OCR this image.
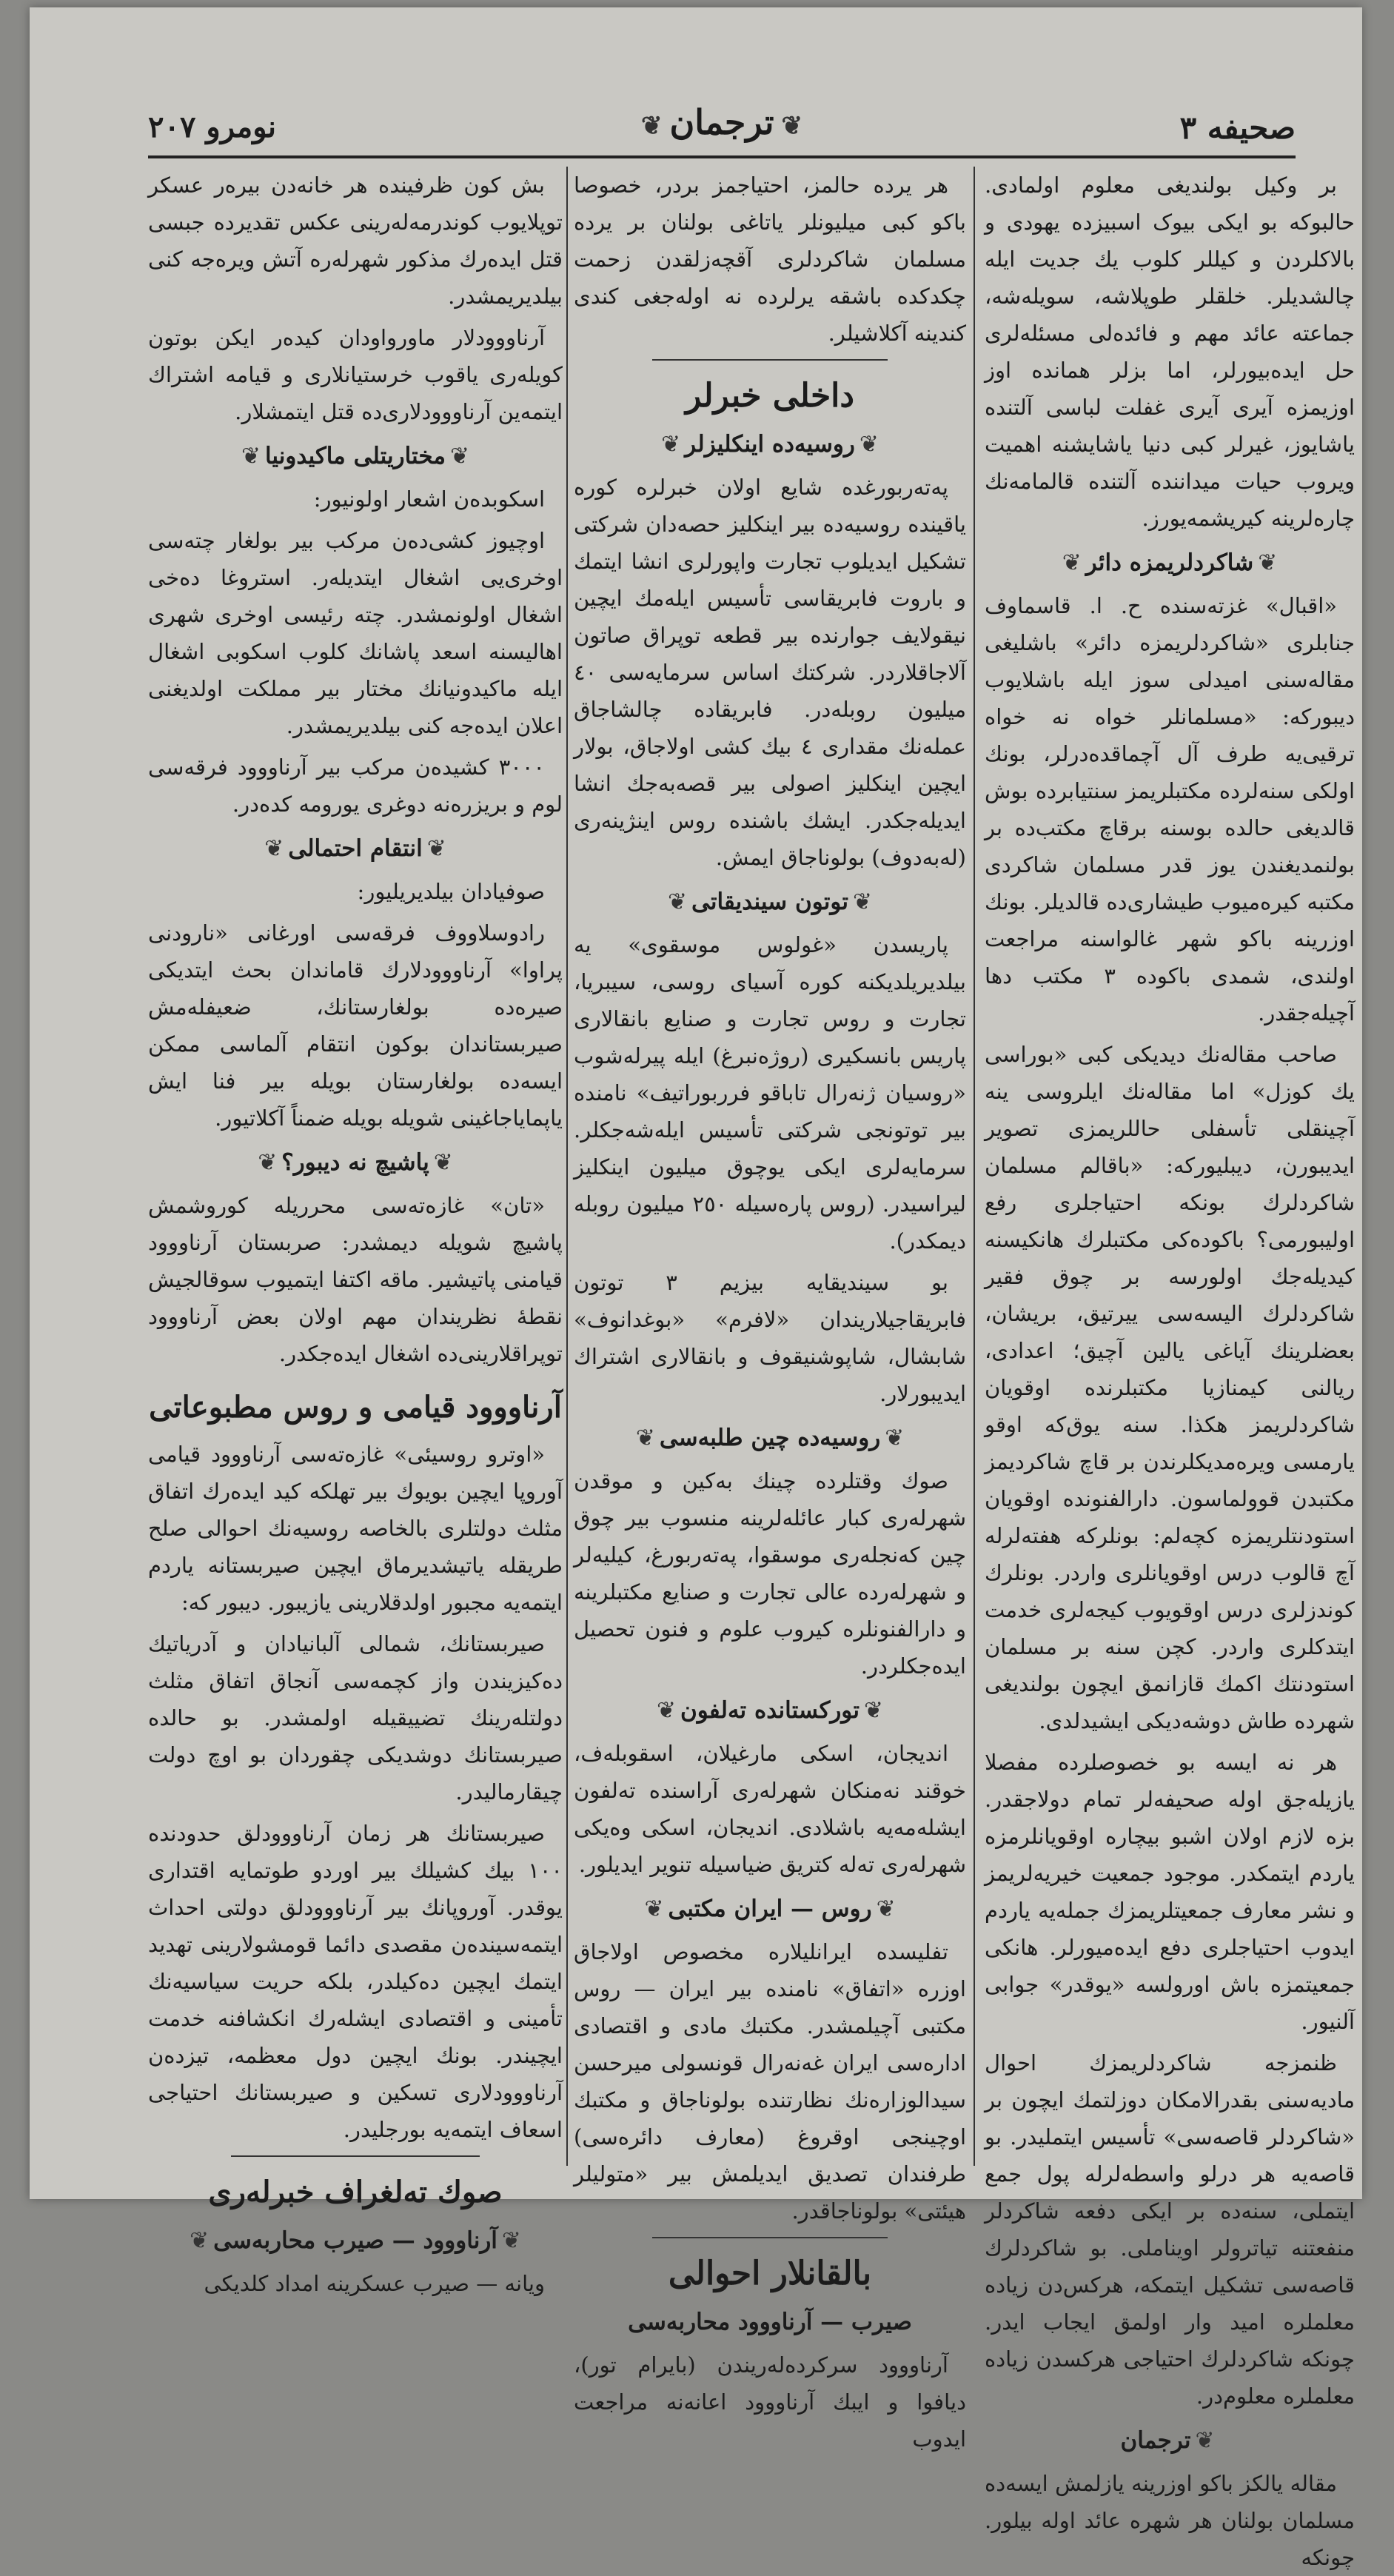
صحیفه ٣
❦ترجمان❦
نومرو ٢٠٧

بر وکیل بولندیغی معلوم اولمادی. حالبوکه بو ایکی بیوک اسبیزده یهودی و بالاکلردن و کیللر کلوب یك جدیت ایله چالشدیلر. خلقلر طوپلاشه، سویلەشه، جماعته عائد مهم و فائدەلی مسئلەلری حل ایدەبیورلر، اما بزلر همانده اوز اوزیمزه آیری آیری غفلت لباسی آلتنده یاشایوز، غیرلر کبی دنیا یاشایشنه اهمیت ویروب حیات میداننده آلتنده قالمامەنك چاره‌لرینه کیریشمەیورز.

❦شاکردلریمزه دائر❦

«اقبال» غزته‌سنده ح. ا. قاسماوف جنابلری «شاکردلریمزه دائر» باشلیغی مقالەسنی امیدلی سوز ایله باشلایوب دیبورکه: «مسلمانلر خواه نه خواه ترقیی‌یه طرف آل آچماقده‌درلر، بونك اولکی سنەلرده مکتبلریمز سنتیابرده بوش قالدیغی حالده بوسنه برقاچ مکتب‌ده بر بولنمدیغندن یوز قدر مسلمان شاکردی مکتبه کیرەمیوب طیشاری‌ده قالدیلر. بونك اوزرینه باکو شهر غالواسنه مراجعت اولندی، شمدی باکوده ٣ مکتب دها آچیله‌جقدر.

صاحب مقالەنك دیدیکی کبی «بوراسی یك کوزل» اما مقالەنك ایلروسی ینه آچینقلی تأسفلی حاللریمزی تصویر ایدیبورن، دیبلیورکه: «باقالم مسلمان شاکردلرك بونکه احتیاجلری رفع اولیبورمی؟ باکوده‌کی مکتبلرك هانکیسنه کیدیله‌جك اولورسه بر چوق فقیر شاکردلرك الیسەسی ییرتیق، بریشان، بعضلرینك آیاغی یالین آچیق؛ اعدادی، ریالنی کیمنازیا مکتبلرنده اوقویان شاکردلریمز هکذا. سنه یوق‌که اوقو یارمسی ویرەمدیکلرندن بر قاچ شاکردیمز مکتبدن قوولماسون. دارالفنونده اوقویان استودنتلریمزه کچەلم: بونلرکه هفتەلرله آچ قالوب درس اوقویانلری واردر. بونلرك کوندزلری درس اوقویوب کیجەلری خدمت ایتدکلری واردر. کچن سنه بر مسلمان استودنتك اکمك قازانمق ایچون بولندیغی شهرده طاش دوشه‌دیکی ایشیدلدی.

هر نه ایسه بو خصوصلرده مفصلا یازیله‌جق اوله صحیفەلر تمام دولاجقدر. بزه لازم اولان اشبو بیچاره اوقویانلرمزه یاردم ایتمکدر. موجود جمعیت خیریەلریمز و نشر معارف جمعیتلریمزك جملەیه یاردم ایدوب احتیاجلری دفع ایدەمیورلر. هانکی جمعیتمزه باش اورولسه «یوقدر» جوابی آلنیور.

ظنمزجه شاکردلریمزك احوال مادیەسنی بقدرالامکان دوزلتمك ایچون بر «شاکردلر قاصەسی» تأسیس ایتملیدر. بو قاصەیه هر درلو واسطەلرله پول جمع ایتملی، سنەده بر ایکی دفعه شاکردلر منفعتنه تیاترولر اویناملی. بو شاکردلرك قاصەسی تشکیل ایتمکه، هرکس‌دن زیاده معلملره امید وار اولمق ایجاب ایدر. چونکه شاکردلرك احتیاجی هرکسدن زیاده معلملره معلوم‌در.

❦ترجمان

مقاله یالکز باکو اوزرینه یازلمش ایسه‌ده مسلمان بولنان هر شهره عائد اوله بیلور. چونکه

هر یرده حالمز، احتیاجمز بردر، خصوصا باکو کبی میلیونلر یاتاغی بولنان بر یرده مسلمان شاکردلری آقچەزلقدن زحمت چکدکده باشقه یرلرده نه اولەجغی کندی کندینه آکلاشیلر.

داخلی خبرلر
❦روسیەده اینکلیزلر❦

پەتەربورغده شایع اولان خبرلره کوره یاقینده روسیەده بیر اینکلیز حصەدان شرکتی تشکیل ایدیلوب تجارت واپورلری انشا ایتمك و باروت فابریقاسی تأسیس ایلەمك ایچین نیقولایف جوارنده بیر قطعه توپراق صاتون آلاجاقلاردر. شرکتك اساس سرمایەسی ٤٠ میلیون روبله‌در. فابریقاده چالشاجاق عملەنك مقداری ٤ بیك کشی اولاجاق، بولار ایچین اینکلیز اصولی بیر قصەبەجك انشا ایدیلەجکدر. ایشك باشنده روس اینژینەری (لەبەدوف) بولوناجاق ایمش.

❦توتون سیندیقاتی❦

پاریسدن «غولوس موسقوی» یه بیلدیریلدیکنه کوره آسیای روسی، سیبریا، تجارت و روس تجارت و صنایع بانقالاری پاریس بانسکیری (روژەنبرغ) ایله پیرلەشوب «روسیان ژنەرال تاباقو فرربوراتیف» نامنده بیر توتونجی شرکتی تأسیس ایلەشەجکلر. سرمایەلری ایکی یوچوق میلیون اینکلیز لیراسیدر. (روس پاره‌سیله ٢٥٠ میلیون روبله دیمکدر).

بو سیندیقایه بیزیم ٣ توتون فابریقاجیلاریندان «لافرم» «بوغدانوف» شابشال، شاپوشنیقوف و بانقالاری اشتراك ایدیبورلار.

❦روسیەده چین طلبەسی❦

صوك وقتلرده چینك بەکین و موقدن شهرلەری کبار عائلەلرینه منسوب بیر چوق چین کەنجلەری موسقوا، پەتەربورغ، کیلیەلر و شهرلەرده عالی تجارت و صنایع مکتبلرینه و دارالفنونلره کیروب علوم و فنون تحصیل ایدەجکلردر.

❦تورکستانده تەلفون❦

اندیجان، اسکی مارغیلان، اسقوبلەف، خوقند نەمنکان شهرلەری آراسنده تەلفون ایشلەمەیه باشلادی. اندیجان، اسکی وەیکی شهرلەری تەله کتریق ضیاسیله تنویر ایدیلور.

❦روس — ایران مکتبی❦

تفلیسده ایرانلیلاره مخصوص اولاجاق اوزره «اتفاق» نامنده بیر ایران — روس مکتبی آچیلمشدر. مکتبك مادی و اقتصادی ادارەسی ایران غەنەرال قونسولی میرحسن سیدالوزارەنك نظارتنده بولوناجاق و مکتبك اوچینجی اوقروغ (معارف دائرەسی) طرفندان تصدیق ایدیلمش بیر «متولیلر هیئتی» بولوناجاقدر.

بالقانلار احوالی
صیرب — آرناووود محاربەسی

آرناووود سرکردەلەریندن (بایرام تور)، دیافوا و ایبك آرناووود اعانەنه مراجعت ایدوب

بش کون ظرفینده هر خانەدن بیرەر عسکر توپلایوب کوندرمەلەرینی عکس تقدیرده جبسی قتل ایدەرك مذکور شهرلەره آتش ویرەجه کنی بیلدیریمشدر.

آرناووودلار ماورواودان کیدەر ایکن بوتون کویلەری یاقوب خرستیانلاری و قیامه اشتراك ایتمەین آرناووودلاری‌ده قتل ایتمشلار.

❦مختاریتلی ماکیدونیا❦

اسکوبدەن اشعار اولونیور:

اوچیوز کشی‌دەن مرکب بیر بولغار چتەسی اوخری‌یی اشغال ایتدیلەر. استروغا دەخی اشغال اولونمشدر. چتە رئیسی اوخری شهری اهالیسنه اسعد پاشانك کلوب اسکوبی اشغال ایله ماکیدونیانك مختار بیر مملکت اولدیغنی اعلان ایدەجه کنی بیلدیریمشدر.

٣٠٠٠ کشیدەن مرکب بیر آرناووود فرقەسی لوم و بریزرەنه دوغری یورومه کدەدر.

❦انتقام احتمالی❦

صوفیادان بیلدیریلیور:

رادوسلاووف فرقەسی اورغانی «نارودنی پراوا» آرناووودلارك قاماندان بحث ایتدیکی صیرەده بولغارستانك، ضعیفلەمش صیربستاندان بوکون انتقام آلماسی ممکن ایسەده بولغارستان بویله بیر فنا ایش یاپمایاجاغینی شویله بویله ضمناً آکلاتیور.

❦پاشیچ نه دیبور؟❦

«تان» غازەتەسی محرریله کوروشمش پاشیچ شویله دیمشدر: صربستان آرناووود قیامنی پاتیشیر. ماقه اکتفا ایتمیوب سوقالجیش نقطهٔ نظریندان مهم اولان بعض آرناووود توپراقلارینی‌ده اشغال ایدەجکدر.

آرناووود قیامی و روس مطبوعاتی

«اوترو روسیئی» غازەتەسی آرناووود قیامی آوروپا ایچین بویوك بیر تهلکه کید ایدەرك اتفاق مثلث دولتلری بالخاصه روسیەنك احوالی صلح طریقله یاتیشدیرماق ایچین صیربستانه یاردم ایتمەیه مجبور اولدقلارینی یازیبور. دیبور که:

صیربستانك، شمالی آلبانیادان و آدریاتیك دەکیزیندن واز کچمەسی آنجاق اتفاق مثلث دولتلەرینك تضییقیله اولمشدر. بو حالده صیربستانك دوشدیکی چقوردان بو اوچ دولت چیقارمالیدر.

صیربستانك هر زمان آرناووودلق حدودنده ١٠٠ بیك کشیلك بیر اوردو طوتمایه اقتداری یوقدر. آوروپانك بیر آرناووودلق دولتی احداث ایتمەسیندەن مقصدی دائما قومشولارینی تهدید ایتمك ایچین دەکیلدر، بلکه حریت سیاسیەنك تأمینی و اقتصادی ایشلەرك انکشافنه خدمت ایچیندر. بونك ایچین دول معظمه، تیزدەن آرناووودلاری تسکین و صیربستانك احتیاجی اسعاف ایتمەیه بورجلیدر.

صوك تەلغراف خبرلەری
❦آرناووود — صیرب محاربەسی❦

ویانه — صیرب عسکرینه امداد کلدیکی
